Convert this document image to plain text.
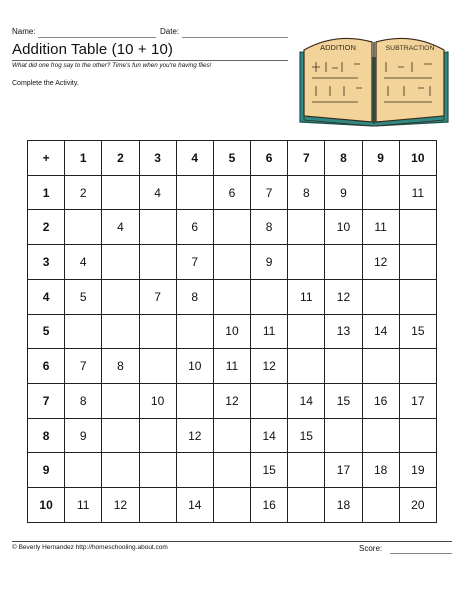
Name:	Date:
Addition Table (10 + 10)
What did one frog say to the other? Time's fun when you're having flies!
Complete the Activity.
ADDITION	SUBTRACTION
+	1	2	3	4	5	6	7	8	9	10
1	2		4		6	7	8	9		11
2		4		6		8		10	11	
3	4			7		9			12	
4	5		7	8			11	12		
5					10	11		13	14	15
6	7	8		10	11	12				
7	8		10		12		14	15	16	17
8	9			12		14	15			
9						15		17	18	19
10	11	12		14		16		18		20
© Beverly Hernandez http://homeschooling.about.com	Score:
